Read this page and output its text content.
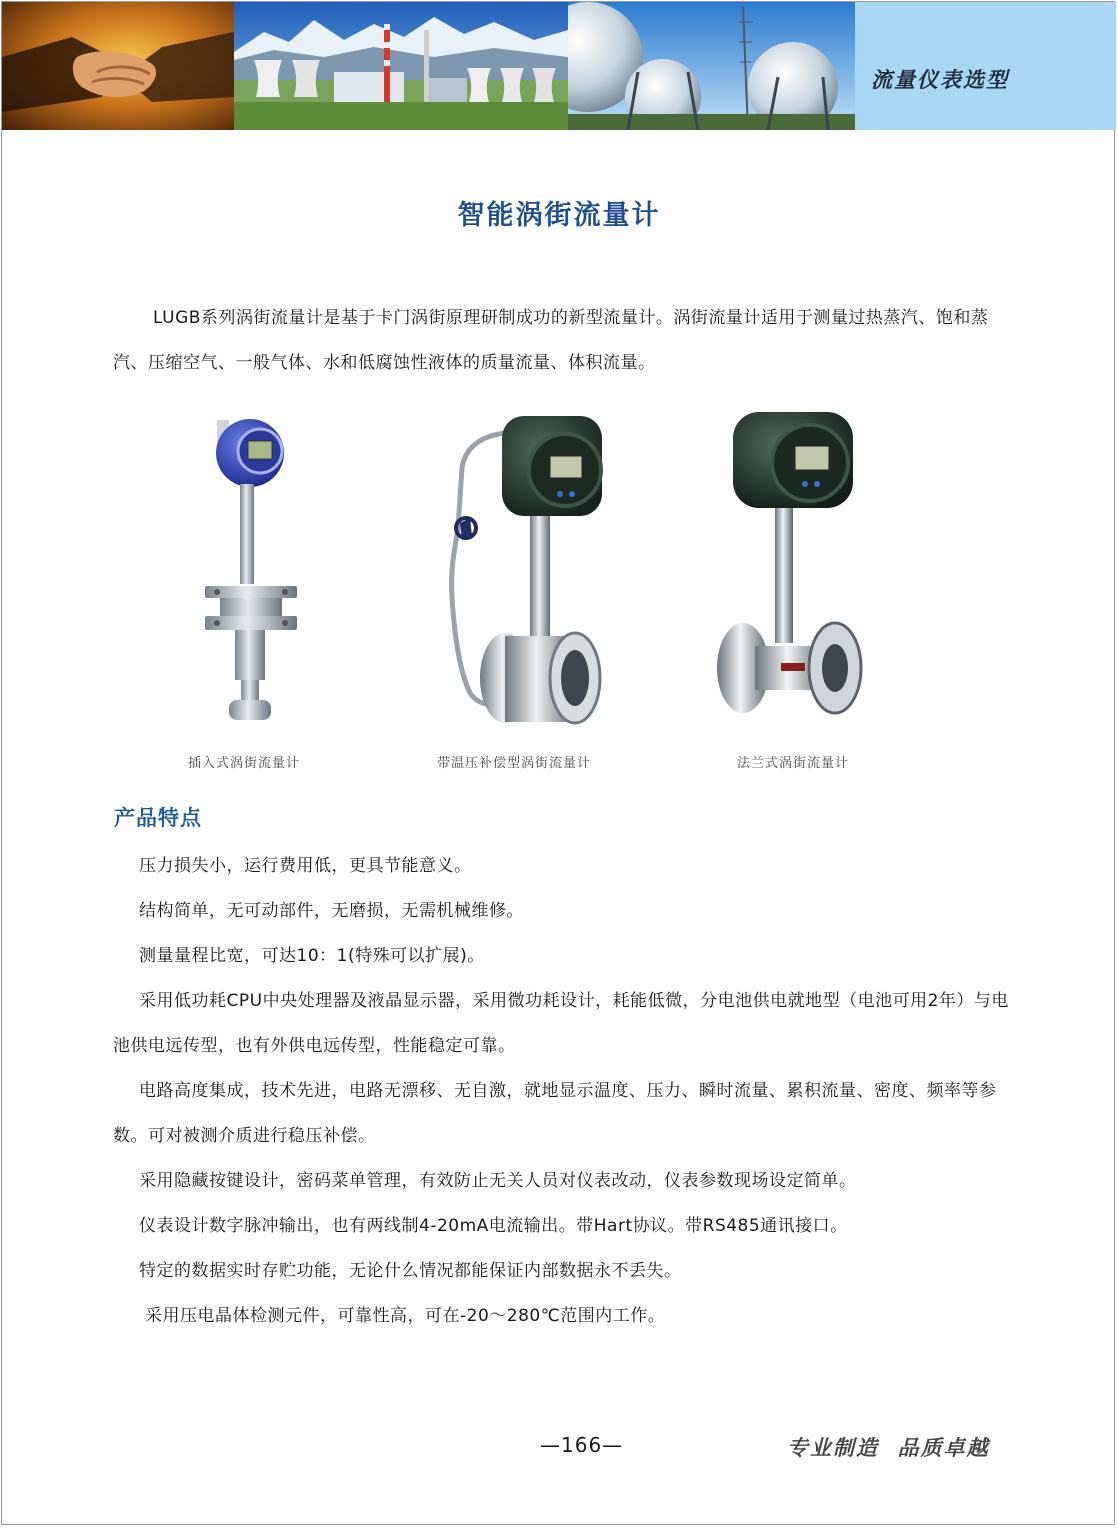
流量仪表选型
智能涡街流量计
LUGB系列涡街流量计是基于卡门涡街原理研制成功的新型流量计。涡街流量计适用于测量过热蒸汽、饱和蒸汽、压缩空气、一般气体、水和低腐蚀性液体的质量流量、体积流量。
插入式涡街流量计	带温压补偿型涡街流量计	法兰式涡街流量计
产品特点

压力损失小，运行费用低，更具节能意义。

结构简单，无可动部件，无磨损，无需机械维修。

测量量程比宽，可达10：1(特殊可以扩展)。

采用低功耗CPU中央处理器及液晶显示器，采用微功耗设计，耗能低微，分电池供电就地型（电池可用2年）与电池供电远传型，也有外供电远传型，性能稳定可靠。

电路高度集成，技术先进，电路无漂移、无自激，就地显示温度、压力、瞬时流量、累积流量、密度、频率等参数。可对被测介质进行稳压补偿。

采用隐藏按键设计，密码菜单管理，有效防止无关人员对仪表改动，仪表参数现场设定简单。

仪表设计数字脉冲输出，也有两线制4-20mA电流输出。带Hart协议。带RS485通讯接口。

特定的数据实时存贮功能，无论什么情况都能保证内部数据永不丢失。

采用压电晶体检测元件，可靠性高，可在-20～280℃范围内工作。

—166—	专业制造  品质卓越
